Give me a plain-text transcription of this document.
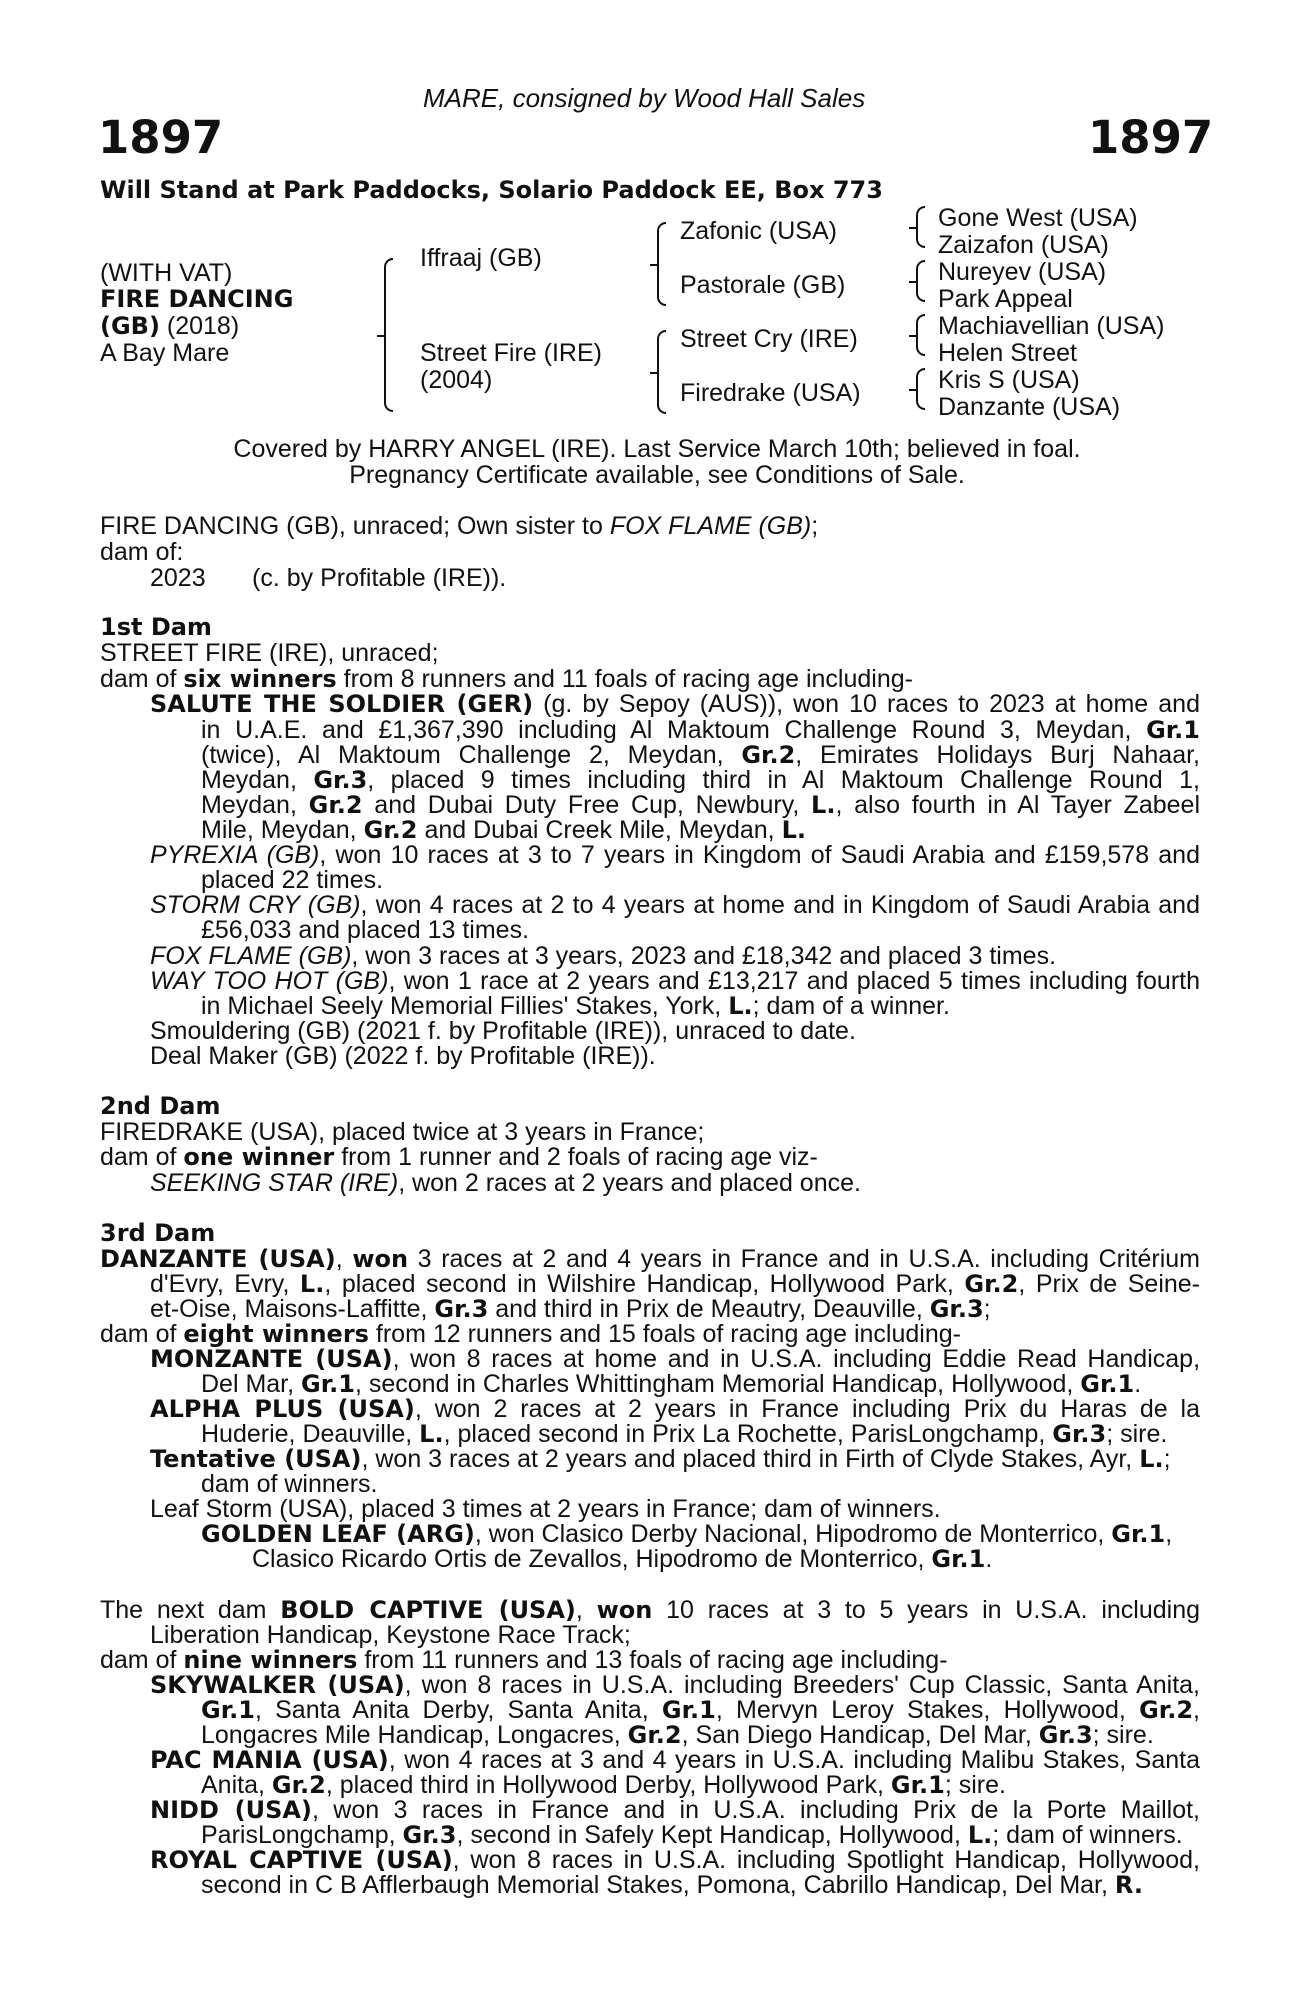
MARE, consigned by Wood Hall Sales
1897	1897
Will Stand at Park Paddocks, Solario Paddock EE, Box 773
(WITH VAT)
FIRE DANCING
(GB) (2018)
A Bay Mare
Iffraaj (GB)
Street Fire (IRE)
(2004)
Zafonic (USA)
Pastorale (GB)
Street Cry (IRE)
Firedrake (USA)
Gone West (USA)
Zaizafon (USA)
Nureyev (USA)
Park Appeal
Machiavellian (USA)
Helen Street
Kris S (USA)
Danzante (USA)
Covered by HARRY ANGEL (IRE). Last Service March 10th; believed in foal.
Pregnancy Certificate available, see Conditions of Sale.
FIRE DANCING (GB), unraced; Own sister to FOX FLAME (GB);
dam of:
2023 (c. by Profitable (IRE)).
1st Dam
STREET FIRE (IRE), unraced;
dam of six winners from 8 runners and 11 foals of racing age including-
SALUTE THE SOLDIER (GER) (g. by Sepoy (AUS)), won 10 races to 2023 at home and
in U.A.E. and £1,367,390 including Al Maktoum Challenge Round 3, Meydan, Gr.1
(twice), Al Maktoum Challenge 2, Meydan, Gr.2, Emirates Holidays Burj Nahaar,
Meydan, Gr.3, placed 9 times including third in Al Maktoum Challenge Round 1,
Meydan, Gr.2 and Dubai Duty Free Cup, Newbury, L., also fourth in Al Tayer Zabeel
Mile, Meydan, Gr.2 and Dubai Creek Mile, Meydan, L.
PYREXIA (GB), won 10 races at 3 to 7 years in Kingdom of Saudi Arabia and £159,578 and
placed 22 times.
STORM CRY (GB), won 4 races at 2 to 4 years at home and in Kingdom of Saudi Arabia and
£56,033 and placed 13 times.
FOX FLAME (GB), won 3 races at 3 years, 2023 and £18,342 and placed 3 times.
WAY TOO HOT (GB), won 1 race at 2 years and £13,217 and placed 5 times including fourth
in Michael Seely Memorial Fillies' Stakes, York, L.; dam of a winner.
Smouldering (GB) (2021 f. by Profitable (IRE)), unraced to date.
Deal Maker (GB) (2022 f. by Profitable (IRE)).
2nd Dam
FIREDRAKE (USA), placed twice at 3 years in France;
dam of one winner from 1 runner and 2 foals of racing age viz-
SEEKING STAR (IRE), won 2 races at 2 years and placed once.
3rd Dam
DANZANTE (USA), won 3 races at 2 and 4 years in France and in U.S.A. including Critérium
d'Evry, Evry, L., placed second in Wilshire Handicap, Hollywood Park, Gr.2, Prix de Seine-
et-Oise, Maisons-Laffitte, Gr.3 and third in Prix de Meautry, Deauville, Gr.3;
dam of eight winners from 12 runners and 15 foals of racing age including-
MONZANTE (USA), won 8 races at home and in U.S.A. including Eddie Read Handicap,
Del Mar, Gr.1, second in Charles Whittingham Memorial Handicap, Hollywood, Gr.1.
ALPHA PLUS (USA), won 2 races at 2 years in France including Prix du Haras de la
Huderie, Deauville, L., placed second in Prix La Rochette, ParisLongchamp, Gr.3; sire.
Tentative (USA), won 3 races at 2 years and placed third in Firth of Clyde Stakes, Ayr, L.;
dam of winners.
Leaf Storm (USA), placed 3 times at 2 years in France; dam of winners.
GOLDEN LEAF (ARG), won Clasico Derby Nacional, Hipodromo de Monterrico, Gr.1,
Clasico Ricardo Ortis de Zevallos, Hipodromo de Monterrico, Gr.1.
The next dam BOLD CAPTIVE (USA), won 10 races at 3 to 5 years in U.S.A. including
Liberation Handicap, Keystone Race Track;
dam of nine winners from 11 runners and 13 foals of racing age including-
SKYWALKER (USA), won 8 races in U.S.A. including Breeders' Cup Classic, Santa Anita,
Gr.1, Santa Anita Derby, Santa Anita, Gr.1, Mervyn Leroy Stakes, Hollywood, Gr.2,
Longacres Mile Handicap, Longacres, Gr.2, San Diego Handicap, Del Mar, Gr.3; sire.
PAC MANIA (USA), won 4 races at 3 and 4 years in U.S.A. including Malibu Stakes, Santa
Anita, Gr.2, placed third in Hollywood Derby, Hollywood Park, Gr.1; sire.
NIDD (USA), won 3 races in France and in U.S.A. including Prix de la Porte Maillot,
ParisLongchamp, Gr.3, second in Safely Kept Handicap, Hollywood, L.; dam of winners.
ROYAL CAPTIVE (USA), won 8 races in U.S.A. including Spotlight Handicap, Hollywood,
second in C B Afflerbaugh Memorial Stakes, Pomona, Cabrillo Handicap, Del Mar, R.
